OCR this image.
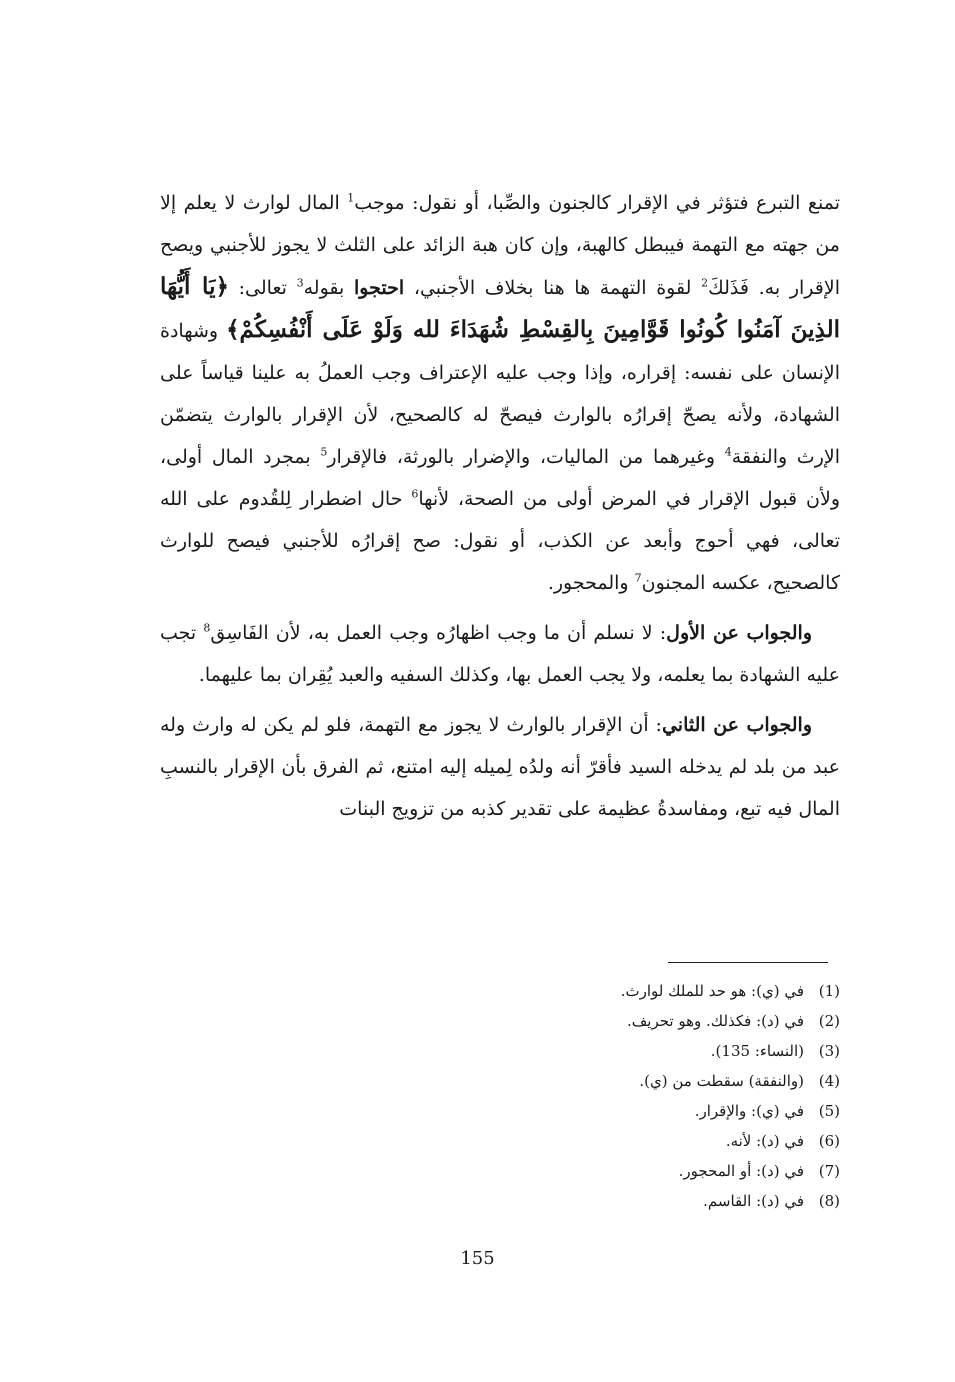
تمنع التبرع فتؤثر في الإقرار كالجنون والصِّبا، أو نقول: موجب$^1$ المال لوارث لا يعلم إلا من جهته مع التهمة فيبطل كالهبة، وإن كان هبة الزائد على الثلث لا يجوز للأجنبي ويصح الإقرار به. فَذَلكَ$^2$ لقوة التهمة ها هنا بخلاف الأجنبي، احتجوا بقوله$^3$ تعالى: ﴿يَا أَيُّهَا الذِينَ آمَنُوا كُونُوا قَوَّامِينَ بِالقِسْطِ شُهَدَاءَ لله وَلَوْ عَلَى أَنْفُسِكُمْ﴾ وشهادة الإنسان على نفسه: إقراره، وإذا وجب عليه الإعتراف وجب العملُ به علينا قياساً على الشهادة، ولأنه يصحّ إقرارُه بالوارث فيصحّ له كالصحيح، لأن الإقرار بالوارث يتضمّن الإرث والنفقة$^4$ وغيرهما من الماليات، والإضرار بالورثة، فالإقرار$^5$ بمجرد المال أولى، ولأن قبول الإقرار في المرض أولى من الصحة، لأنها$^6$ حال اضطرار لِلقُدوم على الله تعالى، فهي أحوج وأبعد عن الكذب، أو نقول: صح إقرارُه للأجنبي فيصح للوارث كالصحيح، عكسه المجنون$^7$ والمحجور.

والجواب عن الأول: لا نسلم أن ما وجب اظهارُه وجب العمل به، لأن الفَاسِق$^8$ تجب عليه الشهادة بما يعلمه، ولا يجب العمل بها، وكذلك السفيه والعبد يُقِران بما عليهما.

والجواب عن الثاني: أن الإقرار بالوارث لا يجوز مع التهمة، فلو لم يكن له وارث وله عبد من بلد لم يدخله السيد فأقرّ أنه ولدُه لِميله إليه امتنع، ثم الفرق بأن الإقرار بالنسبِ المال فيه تبع، ومفاسدةُ عظيمة على تقدير كذبه من تزويج البنات

(1)
في (ي): هو حد للملك لوارث.
(2)
في (د): فكذلك. وهو تحريف.
(3)
(النساء: 135).
(4)
(والنفقة) سقطت من (ي).
(5)
في (ي): والإقرار.
(6)
في (د): لأنه.
(7)
في (د): أو المحجور.
(8)
في (د): القاسم.
155
